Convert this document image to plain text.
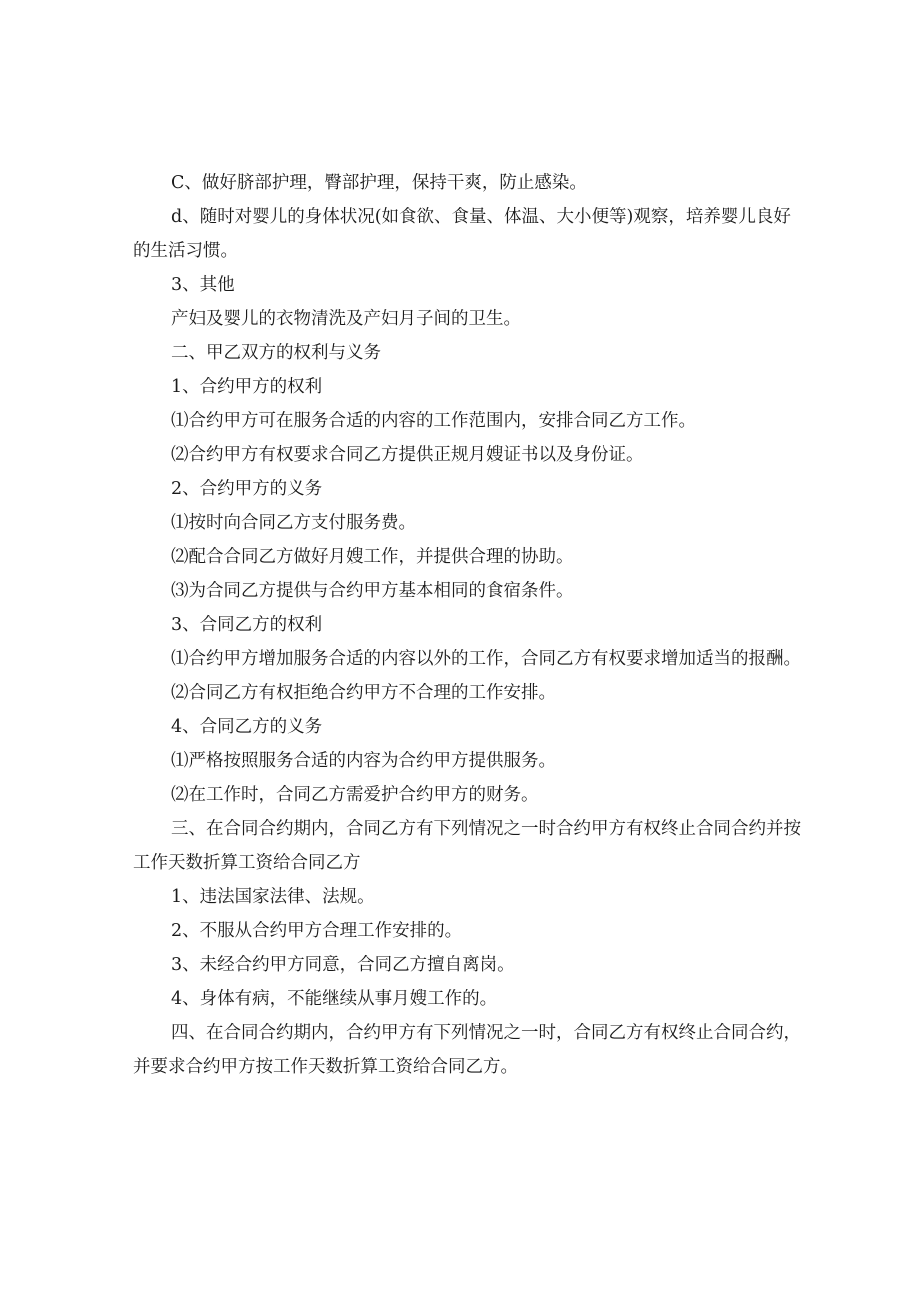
C、做好脐部护理，臀部护理，保持干爽，防止感染。

d、随时对婴儿的身体状况(如食欲、食量、体温、大小便等)观察，培养婴儿良好

的生活习惯。

3、其他

产妇及婴儿的衣物清洗及产妇月子间的卫生。

二、甲乙双方的权利与义务

1、合约甲方的权利

⑴合约甲方可在服务合适的内容的工作范围内，安排合同乙方工作。

⑵合约甲方有权要求合同乙方提供正规月嫂证书以及身份证。

2、合约甲方的义务

⑴按时向合同乙方支付服务费。

⑵配合合同乙方做好月嫂工作，并提供合理的协助。

⑶为合同乙方提供与合约甲方基本相同的食宿条件。

3、合同乙方的权利

⑴合约甲方增加服务合适的内容以外的工作，合同乙方有权要求增加适当的报酬。

⑵合同乙方有权拒绝合约甲方不合理的工作安排。

4、合同乙方的义务

⑴严格按照服务合适的内容为合约甲方提供服务。

⑵在工作时，合同乙方需爱护合约甲方的财务。

三、在合同合约期内，合同乙方有下列情况之一时合约甲方有权终止合同合约并按

工作天数折算工资给合同乙方

1、违法国家法律、法规。

2、不服从合约甲方合理工作安排的。

3、未经合约甲方同意，合同乙方擅自离岗。

4、身体有病，不能继续从事月嫂工作的。

四、在合同合约期内，合约甲方有下列情况之一时，合同乙方有权终止合同合约，

并要求合约甲方按工作天数折算工资给合同乙方。
